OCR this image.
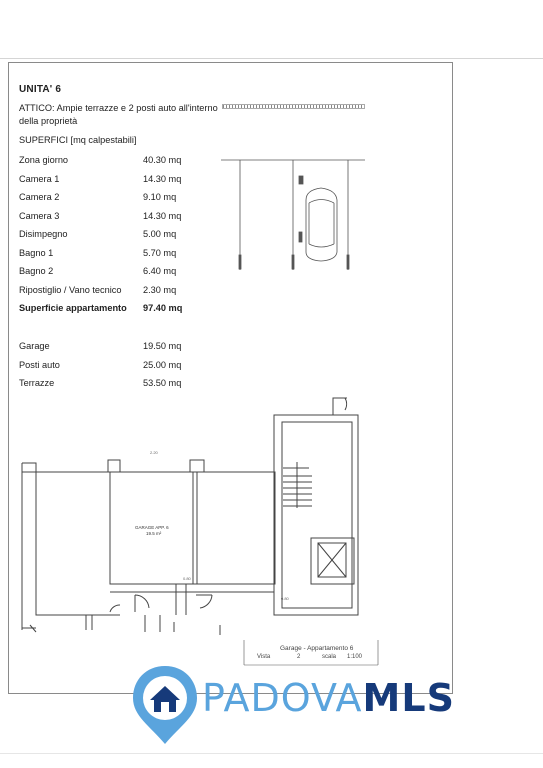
UNITA' 6
ATTICO: Ampie terrazze e 2 posti auto all'interno della proprietà
SUPERFICI [mq calpestabili]
Zona giorno	40.30 mq
Camera 1	14.30 mq
Camera 2	9.10 mq
Camera 3	14.30 mq
Disimpegno	5.00 mq
Bagno 1	5.70 mq
Bagno 2	6.40 mq
Ripostiglio / Vano tecnico	2.30 mq
Superficie appartamento	97.40 mq
Garage	19.50 mq
Posti auto	25.00 mq
Terrazze	53.50 mq
2.20
0.80
0.80
GARAGE APP. 6
19.5 m²
Garage - Appartamento 6
Vista	2	scala 1:100
PADOVAMLS
